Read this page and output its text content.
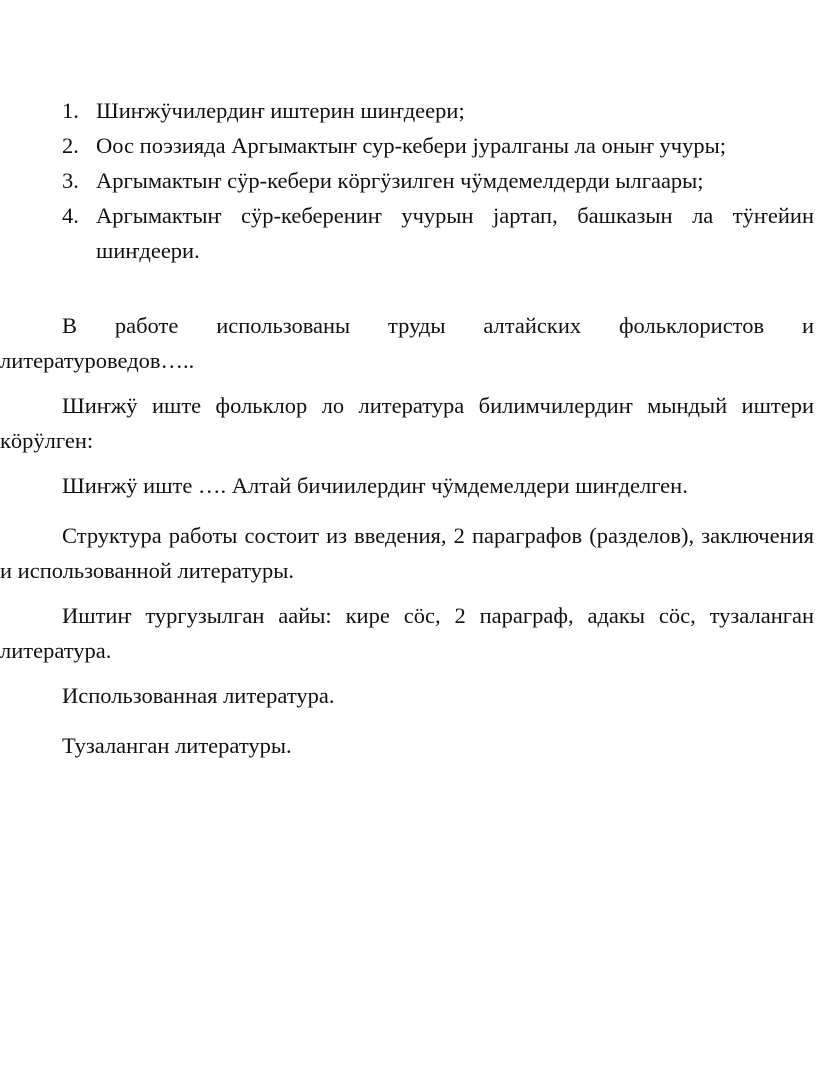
1. Шиҥжӱчилердиҥ иштерин шиҥдеери;
2. Оос поэзияда Аргымактыҥ сур-кебери јуралганы ла оныҥ учуры;
3. Аргымактыҥ сӱр-кебери кӧргӱзилген чӱмдемелдерди ылгаары;
4. Аргымактыҥ сӱр-кеберениҥ учурын јартап, башказын ла тӱҥейин шиҥдеери.

В работе использованы труды алтайских фольклористов и литературоведов…..

Шиҥжӱ иште фольклор ло литература билимчилердиҥ мындый иштери кӧрӱлген:

Шиҥжӱ иште …. Алтай бичиилердиҥ чӱмдемелдери шиҥделген.

Структура работы состоит из введения, 2 параграфов (разделов), заключения и использованной литературы.

Иштиҥ тургузылган аайы: кире сӧс, 2 параграф, адакы сӧс, тузаланган литература.

Использованная литература.

Тузаланган литературы.
